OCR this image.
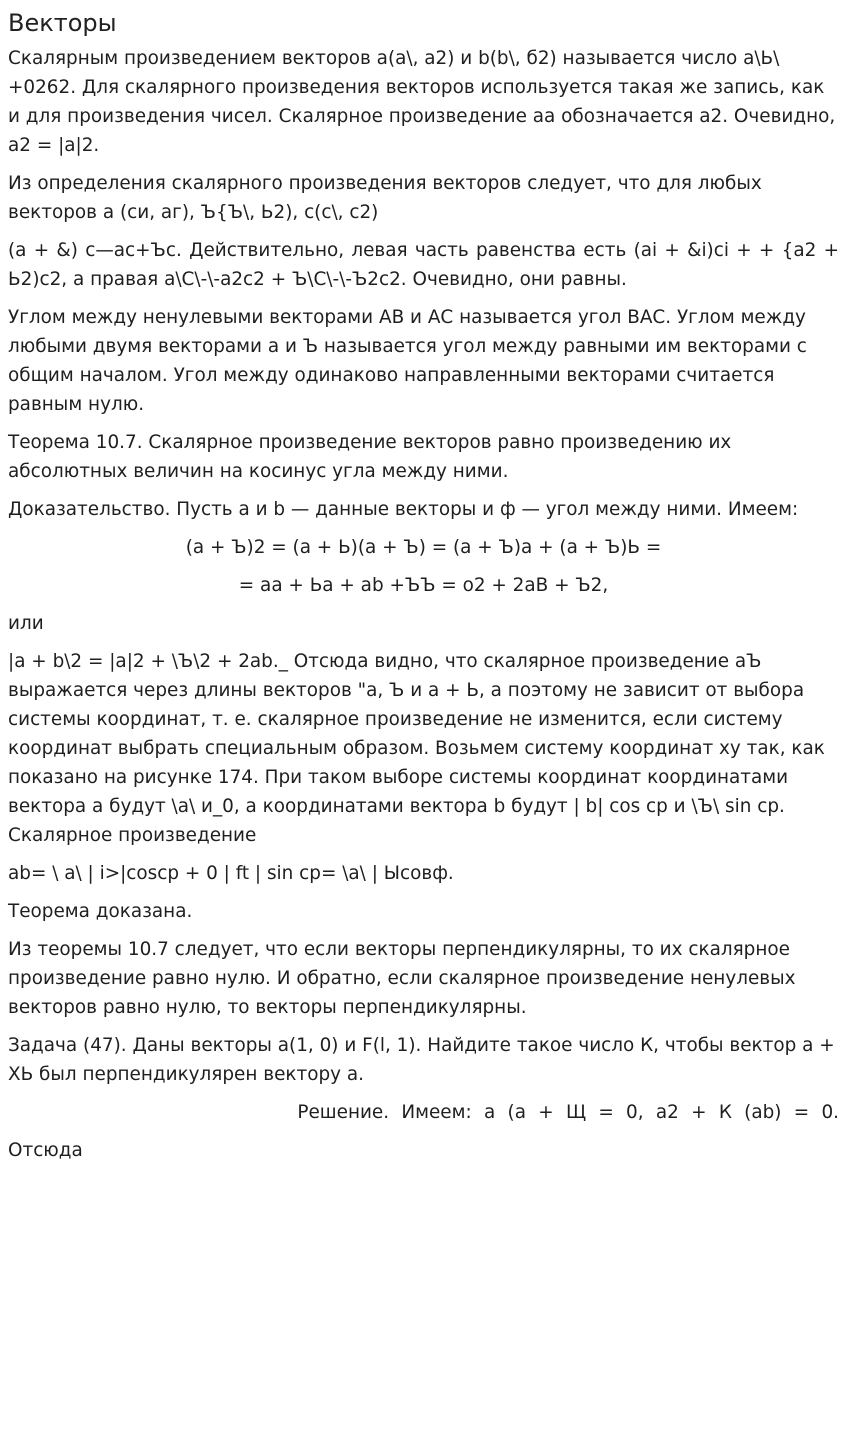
Векторы

Скалярным произведением векторов а(а\, а2) и b(b\, б2) называется число а\Ь\ +0262. Для скалярного произведения векторов используется такая же запись, как и для произведения чисел. Скалярное произведение аа обозначается а2. Очевидно, а2 = |а|2.

Из определения скалярного произведения векторов следует, что для любых векторов а (си, аг), Ъ{Ъ\, Ь2), с(с\, с2)

(а + &) с—ас+Ъс. Действительно, левая часть равенства есть (ai + &i)ci + + {а2 + Ь2)с2, а правая а\С\-\-а2с2 + Ъ\С\-\-Ъ2с2. Очевидно, они равны.

Углом между ненулевыми векторами АВ и АС называется угол ВАС. Углом между любыми двумя векторами а и Ъ называется угол между равными им векторами с общим началом. Угол между одинаково направленными векторами считается равным нулю.

Теорема 10.7. Скалярное произведение векторов равно произведению их абсолютных величин на косинус угла между ними.

Доказательство. Пусть а и b — данные векторы и ф — угол между ними. Имеем:

(а + Ъ)2 = (а + Ь)(а + Ъ) = (а + Ъ)а + (а + Ъ)Ь =

= аа + Ьа + аb +ЪЪ = о2 + 2аВ + Ъ2,

или

|а + b\2 = |а|2 + \Ъ\2 + 2аb._ Отсюда видно, что скалярное произведение аЪ выражается через длины векторов "а, Ъ и а + Ь, а поэтому не зависит от выбора системы координат, т. е. скалярное произведение не изменится, если систему координат выбрать специальным образом. Возьмем систему координат ху так, как показано на рисунке 174. При таком выборе системы координат координатами вектора а будут \а\ и_0, а координатами вектора b будут | b| cos ср и \Ъ\ sin ср. Скалярное произведение

ab= \ а\ | i>|cosср + 0 | ft | sin ср= \а\ | Ысовф.

Теорема доказана.

Из теоремы 10.7 следует, что если векторы перпендикулярны, то их скалярное произведение равно нулю. И обратно, если скалярное произведение ненулевых векторов равно нулю, то векторы перпендикулярны.

Задача (47). Даны векторы а(1, 0) и F(l, 1). Найдите такое число К, чтобы вектор а + ХЬ был перпендикулярен вектору а.

Решение. Имеем: а (а + Щ = 0, а2 + К (аb) = 0.

Отсюда
